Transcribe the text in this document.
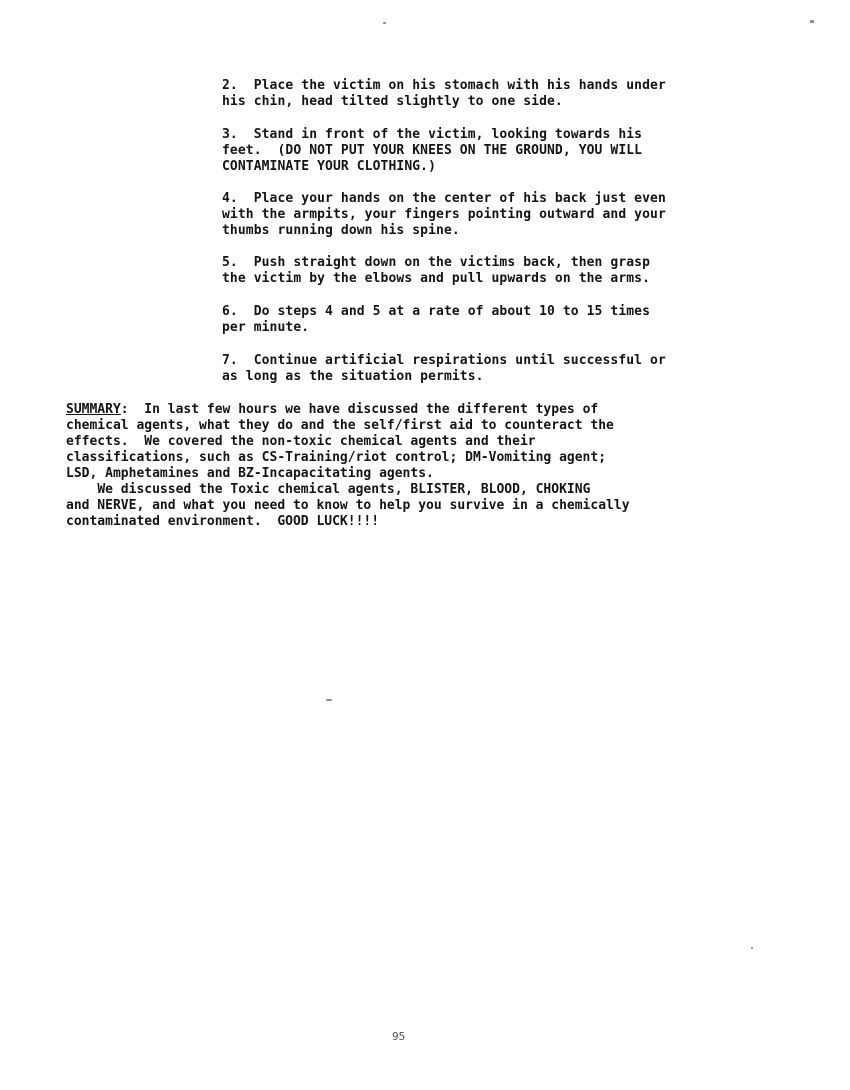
2.  Place the victim on his stomach with his hands under
his chin, head tilted slightly to one side.
3.  Stand in front of the victim, looking towards his
feet.  (DO NOT PUT YOUR KNEES ON THE GROUND, YOU WILL
CONTAMINATE YOUR CLOTHING.)
4.  Place your hands on the center of his back just even
with the armpits, your fingers pointing outward and your
thumbs running down his spine.
5.  Push straight down on the victims back, then grasp
the victim by the elbows and pull upwards on the arms.
6.  Do steps 4 and 5 at a rate of about 10 to 15 times
per minute.
7.  Continue artificial respirations until successful or
as long as the situation permits.
SUMMARY:  In last few hours we have discussed the different types of
chemical agents, what they do and the self/first aid to counteract the
effects.  We covered the non-toxic chemical agents and their
classifications, such as CS-Training/riot control; DM-Vomiting agent;
LSD, Amphetamines and BZ-Incapacitating agents.
We discussed the Toxic chemical agents, BLISTER, BLOOD, CHOKING
and NERVE, and what you need to know to help you survive in a chemically
contaminated environment.  GOOD LUCK!!!!
95
